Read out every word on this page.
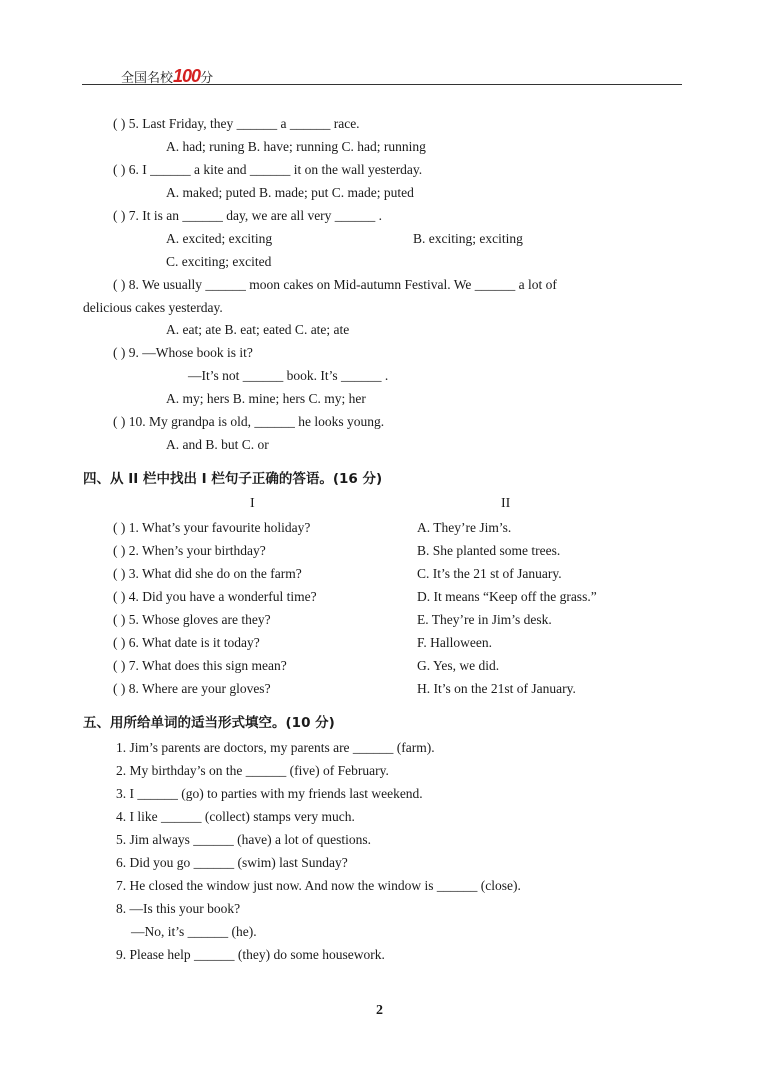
全国名校100分
( ) 5. Last Friday, they ______ a ______ race.
A. had; runing B. have; running C. had; running
( ) 6. I ______ a kite and ______ it on the wall yesterday.
A. maked; puted B. made; put C. made; puted
( ) 7. It is an ______ day, we are all very ______ .
A. excited; exciting	B. exciting; exciting
C. exciting; excited
( ) 8. We usually ______ moon cakes on Mid-autumn Festival. We ______ a lot of
delicious cakes yesterday.
A. eat; ate B. eat; eated C. ate; ate
( ) 9. —Whose book is it?
—It’s not ______ book. It’s ______ .
A. my; hers B. mine; hers C. my; her
( ) 10. My grandpa is old, ______ he looks young.
A. and B. but C. or
四、从 II 栏中找出 I 栏句子正确的答语。(16 分)
I	II
( ) 1. What’s your favourite holiday?	A. They’re Jim’s.
( ) 2. When’s your birthday?	B. She planted some trees.
( ) 3. What did she do on the farm?	C. It’s the 21 st of January.
( ) 4. Did you have a wonderful time?	D. It means “Keep off the grass.”
( ) 5. Whose gloves are they?	E. They’re in Jim’s desk.
( ) 6. What date is it today?	F. Halloween.
( ) 7. What does this sign mean?	G. Yes, we did.
( ) 8. Where are your gloves?	H. It’s on the 21st of January.
五、用所给单词的适当形式填空。(10 分)
1. Jim’s parents are doctors, my parents are ______ (farm).
2. My birthday’s on the ______ (five) of February.
3. I ______ (go) to parties with my friends last weekend.
4. I like ______ (collect) stamps very much.
5. Jim always ______ (have) a lot of questions.
6. Did you go ______ (swim) last Sunday?
7. He closed the window just now. And now the window is ______ (close).
8. —Is this your book?
—No, it’s ______ (he).
9. Please help ______ (they) do some housework.
2
